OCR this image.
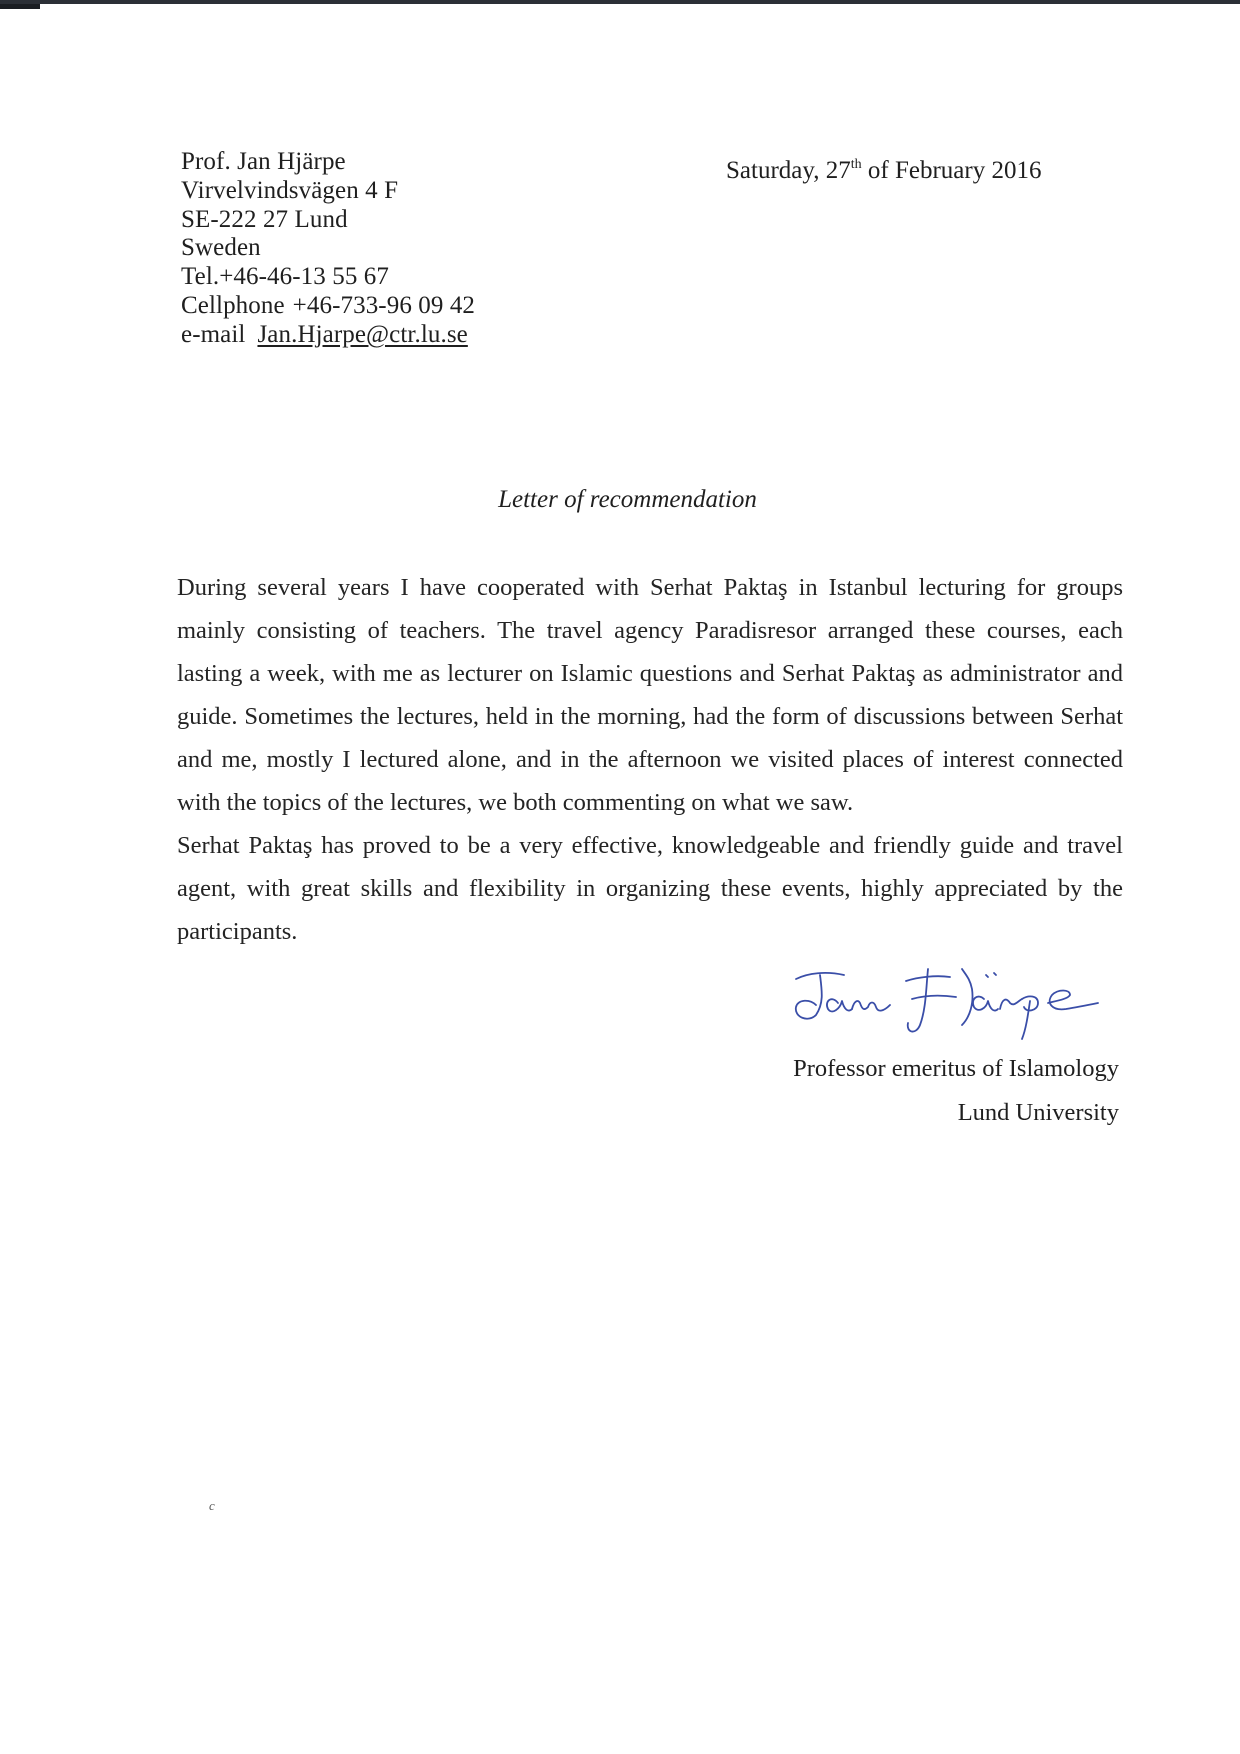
Prof. Jan Hjärpe
Virvelvindsvägen 4 F
SE-222 27 Lund
Sweden
Tel.+46-46-13 55 67
Cellphone +46-733-96 09 42
e-mail Jan.Hjarpe@ctr.lu.se
Saturday, 27th of February 2016
Letter of recommendation

During several years I have cooperated with Serhat Paktaş in Istanbul lecturing for groups mainly consisting of teachers. The travel agency Paradisresor arranged these courses, each lasting a week, with me as lecturer on Islamic questions and Serhat Paktaş as administrator and guide. Sometimes the lectures, held in the morning, had the form of discussions between Serhat and me, mostly I lectured alone, and in the afternoon we visited places of interest connected with the topics of the lectures, we both commenting on what we saw.

Serhat Paktaş has proved to be a very effective, knowledgeable and friendly guide and travel agent, with great skills and flexibility in organizing these events, highly appreciated by the participants.

Professor emeritus of Islamology
Lund University
c
